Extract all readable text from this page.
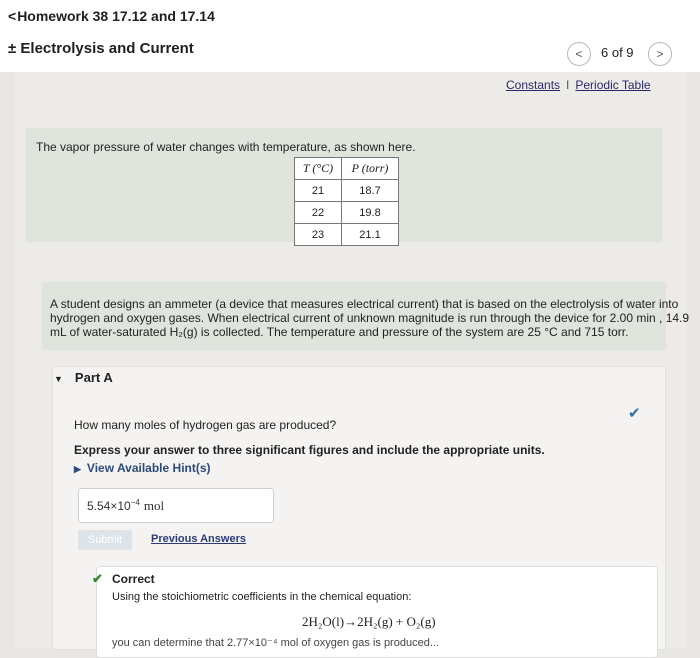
<Homework 38 17.12 and 17.14
± Electrolysis and Current	< 6 of 9 >
Constants I Periodic Table
The vapor pressure of water changes with temperature, as shown here.
T (°C)	P (torr)
21	18.7
22	19.8
23	21.1
A student designs an ammeter (a device that measures electrical current) that is based on the electrolysis of water into
hydrogen and oxygen gases. When electrical current of unknown magnitude is run through the device for 2.00 min , 14.9
mL of water-saturated H₂(g) is collected. The temperature and pressure of the system are 25 °C and 715 torr.
▼ Part A
✔
How many moles of hydrogen gas are produced?
Express your answer to three significant figures and include the appropriate units.
▶ View Available Hint(s)
$5.54\times 10^{-4}$ mol
Submit	Previous Answers
✔ Correct
Using the stoichiometric coefficients in the chemical equation:
2H₂O(l)→2H₂(g) + O₂(g)
you can determine that 2.77×10⁻⁴ mol of oxygen gas is produced...
